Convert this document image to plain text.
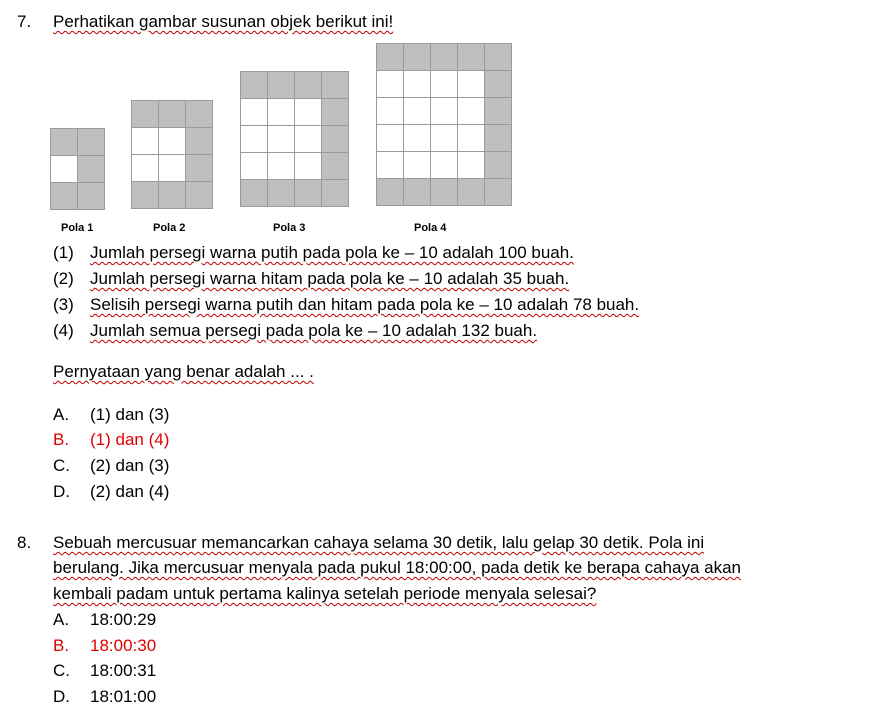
7. Perhatikan gambar susunan objek berikut ini!
Pola 1	Pola 2	Pola 3	Pola 4
(1) Jumlah persegi warna putih pada pola ke – 10 adalah 100 buah.
(2) Jumlah persegi warna hitam pada pola ke – 10 adalah 35 buah.
(3) Selisih persegi warna putih dan hitam pada pola ke – 10 adalah 78 buah.
(4) Jumlah semua persegi pada pola ke – 10 adalah 132 buah.
Pernyataan yang benar adalah ... .
A. (1) dan (3)
B. (1) dan (4)
C. (2) dan (3)
D. (2) dan (4)
8. Sebuah mercusuar memancarkan cahaya selama 30 detik, lalu gelap 30 detik. Pola ini
berulang. Jika mercusuar menyala pada pukul 18:00:00, pada detik ke berapa cahaya akan
kembali padam untuk pertama kalinya setelah periode menyala selesai?
A. 18:00:29
B. 18:00:30
C. 18:00:31
D. 18:01:00
